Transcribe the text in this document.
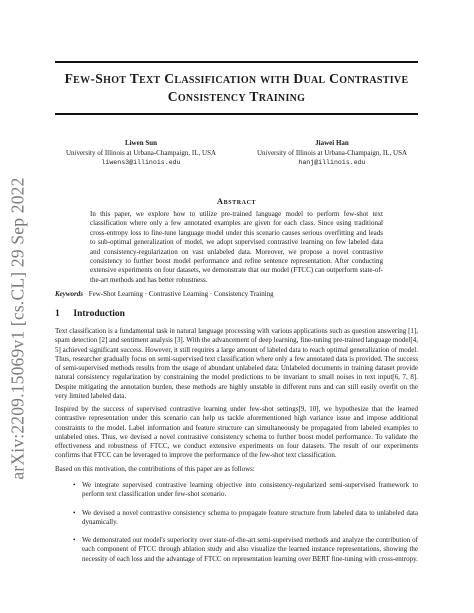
arXiv:2209.15069v1 [cs.CL] 29 Sep 2022
Few-Shot Text Classification with Dual Contrastive
Consistency Training
Liwen Sun
University of Illinois at Urbana-Champaign, IL, USA
liwens3@illinois.edu
Jiawei Han
University of Illinois at Urbana-Champaign, IL, USA
hanj@illinois.edu
Abstract
In this paper, we explore how to utilize pre-trained language model to perform few-shot text classification where only a few annotated examples are given for each class. Since using traditional cross-entropy loss to fine-tune language model under this scenario causes serious overfitting and leads to sub-optimal generalization of model, we adopt supervised contrastive learning on few labeled data and consistency-regularization on vast unlabeled data. Moreover, we propose a novel contrastive consistency to further boost model performance and refine sentence representation. After conducting extensive experiments on four datasets, we demonstrate that our model (FTCC) can outperform state-of-the-art methods and has better robustness.
Keywords Few-Shot Learning · Contrastive Learning · Consistency Training
1 Introduction
Text classification is a fundamental task in natural language processing with various applications such as question answering [1], spam detection [2] and sentiment analysis [3]. With the advancement of deep learning, fine-tuning pre-trained language model[4, 5] achieved significant success. However, it still requires a large amount of labeled data to reach optimal generalization of model. Thus, researcher gradually focus on semi-supervised text classification where only a few annotated data is provided. The success of semi-supervised methods results from the usage of abundant unlabeled data: Unlabeled documents in training dataset provide natural consistency regularization by constraining the model predictions to be invariant to small noises in text input[6, 7, 8]. Despite mitigating the annotation burden, these methods are highly unstable in different runs and can still easily overfit on the very limited labeled data.
Inspired by the success of supervised contrastive learning under few-shot settings[9, 10], we hypothesize that the learned contrastive representation under this scenario can help us tackle aforementioned high variance issue and impose additional constraints to the model. Label information and feature structure can simultaneously be propagated from labeled examples to unlabeled ones. Thus, we devised a novel contrastive consistency schema to further boost model performance. To validate the effectiveness and robustness of FTCC, we conduct extensive experiments on four datasets. The result of our experiments confirms that FTCC can be leveraged to improve the performance of the few-shot text classification.
Based on this motivation, the contributions of this paper are as follows:
• We integrate supervised contrastive learning objective into consistency-regularized semi-supervised framework to perform text classification under few-shot scenario.
• We devised a novel contrastive consistency schema to propagate feature structure from labeled data to unlabeled data dynamically.
• We demonstrated our model's superiority over state-of-the-art semi-supervised methods and analyze the contribution of each component of FTCC through ablation study and also visualize the learned instance representations, showing the necessity of each loss and the advantage of FTCC on representation learning over BERT fine-tuning with cross-entropy.
